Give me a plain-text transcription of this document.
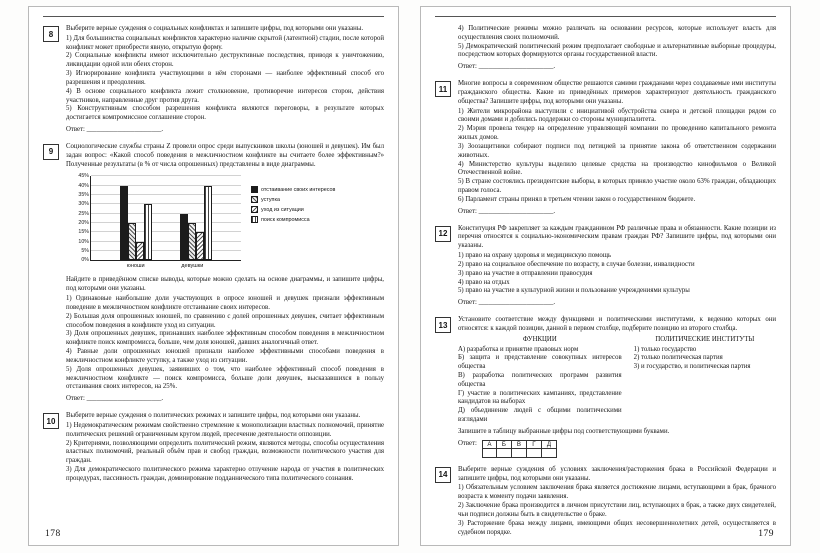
8

Выберите верные суждения о социальных конфликтах и запишите цифры, под которыми они указаны.

1) Для большинства социальных конфликтов характерно наличие скрытой (латентной) стадии, после которой конфликт может приобрести явную, открытую форму.
2) Социальные конфликты имеют исключительно деструктивные последствия, приводя к уничтожению, ликвидации одной или обеих сторон.
3) Игнорирование конфликта участвующими в нём сторонами — наиболее эффективный способ его разрешения и преодоления.
4) В основе социального конфликта лежит столкновение, противоречие интересов сторон, действия участников, направленные друг против друга.
5) Конструктивным способом разрешения конфликта являются переговоры, в результате которых достигается компромиссное соглашение сторон.

Ответ: ______________________.

9

Социологические службы страны Z провели опрос среди выпускников школы (юношей и девушек). Им был задан вопрос: «Какой способ поведения в межличностном конфликте вы считаете более эффективным?» Полученные результаты (в % от числа опрошенных) представлены в виде диаграммы.

0%
5%
10%
15%
20%
25%
30%
35%
40%
45%
юноши	девушки
отстаивание своих интересов
уступка
уход из ситуации
поиск компромисса

Найдите в приведённом списке выводы, которые можно сделать на основе диаграммы, и запишите цифры, под которыми они указаны.

1) Одинаковые наибольшие доли участвующих в опросе юношей и девушек признали эффективным поведение в межличностном конфликте отстаивание своих интересов.
2) Большая доля опрошенных юношей, по сравнению с долей опрошенных девушек, считает эффективным способом поведения в конфликте уход из ситуации.
3) Доля опрошенных девушек, признавших наиболее эффективным способом поведения в межличностном конфликте поиск компромисса, больше, чем доля юношей, давших аналогичный ответ.
4) Равные доли опрошенных юношей признали наиболее эффективными способами поведения в межличностном конфликте уступку, а также уход из ситуации.
5) Доля опрошенных девушек, заявивших о том, что наиболее эффективный способ поведения в межличностном конфликте — поиск компромисса, больше доли девушек, высказавшихся в пользу отстаивания своих интересов, на 25%.

Ответ: ______________________.

10

Выберите верные суждения о политических режимах и запишите цифры, под которыми они указаны.

1) Недемократическим режимам свойственно стремление к монополизации властных полномочий, принятие политических решений ограниченным кругом людей, пресечение деятельности оппозиции.
2) Критериями, позволяющими определить политический режим, являются методы, способы осуществления властных полномочий, реальный объём прав и свобод граждан, возможности политического участия для граждан.
3) Для демократического политического режима характерно отлучение народа от участия в политических процедурах, пассивность граждан, доминирование подданнического типа политического сознания.
178
4) Политические режимы можно различать на основании ресурсов, которые использует власть для осуществления своих полномочий.
5) Демократический политический режим предполагает свободные и альтернативные выборные процедуры, посредством которых формируются органы государственной власти.

Ответ: ______________________.

11

Многие вопросы в современном обществе решаются самими гражданами через создаваемые ими институты гражданского общества. Какие из приведённых примеров характеризуют деятельность гражданского общества? Запишите цифры, под которыми они указаны.

1) Жители микрорайона выступили с инициативой обустройства сквера и детской площадки рядом со своими домами и добились поддержки со стороны муниципалитета.
2) Мэрия провела тендер на определение управляющей компании по проведению капитального ремонта жилых домов.
3) Зоозащитники собирают подписи под петицией за принятие закона об ответственном содержании животных.
4) Министерство культуры выделило целевые средства на производство кинофильмов о Великой Отечественной войне.
5) В стране состоялись президентские выборы, в которых приняло участие около 63% граждан, обладающих правом голоса.
6) Парламент страны принял в третьем чтении закон о государственном бюджете.

Ответ: ______________________.

12

Конституция РФ закрепляет за каждым гражданином РФ различные права и обязанности. Какие позиции из перечня относятся к социально-экономическим правам граждан РФ? Запишите цифры, под которыми они указаны.

1) право на охрану здоровья и медицинскую помощь
2) право на социальное обеспечение по возрасту, в случае болезни, инвалидности
3) право на участие в отправлении правосудия
4) право на отдых
5) право на участие в культурной жизни и пользование учреждениями культуры

Ответ: ______________________.

13

Установите соответствие между функциями и политическими институтами, к ведению которых они относятся: к каждой позиции, данной в первом столбце, подберите позицию из второго столбца.

ФУНКЦИИ

А) разработка и принятие правовых норм
Б) защита и представление совокупных интересов общества
В) разработка политических программ развития общества
Г) участие в политических кампаниях, представление кандидатов на выборах
Д) объединение людей с общими политическими взглядами

ПОЛИТИЧЕСКИЕ ИНСТИТУТЫ

1) только государство
2) только политическая партия
3) и государство, и политическая партия

Запишите в таблицу выбранные цифры под соответствующими буквами.

Ответ:	А	Б	В	Г	Д
14

Выберите верные суждения об условиях заключения/расторжения брака в Российской Федерации и запишите цифры, под которыми они указаны.

1) Обязательным условием заключения брака является достижение лицами, вступающими в брак, брачного возраста к моменту подачи заявления.
2) Заключение брака производится в личном присутствии лиц, вступающих в брак, а также двух свидетелей, чьи подписи должны быть в свидетельстве о браке.
3) Расторжение брака между лицами, имеющими общих несовершеннолетних детей, осуществляется в судебном порядке.	179
